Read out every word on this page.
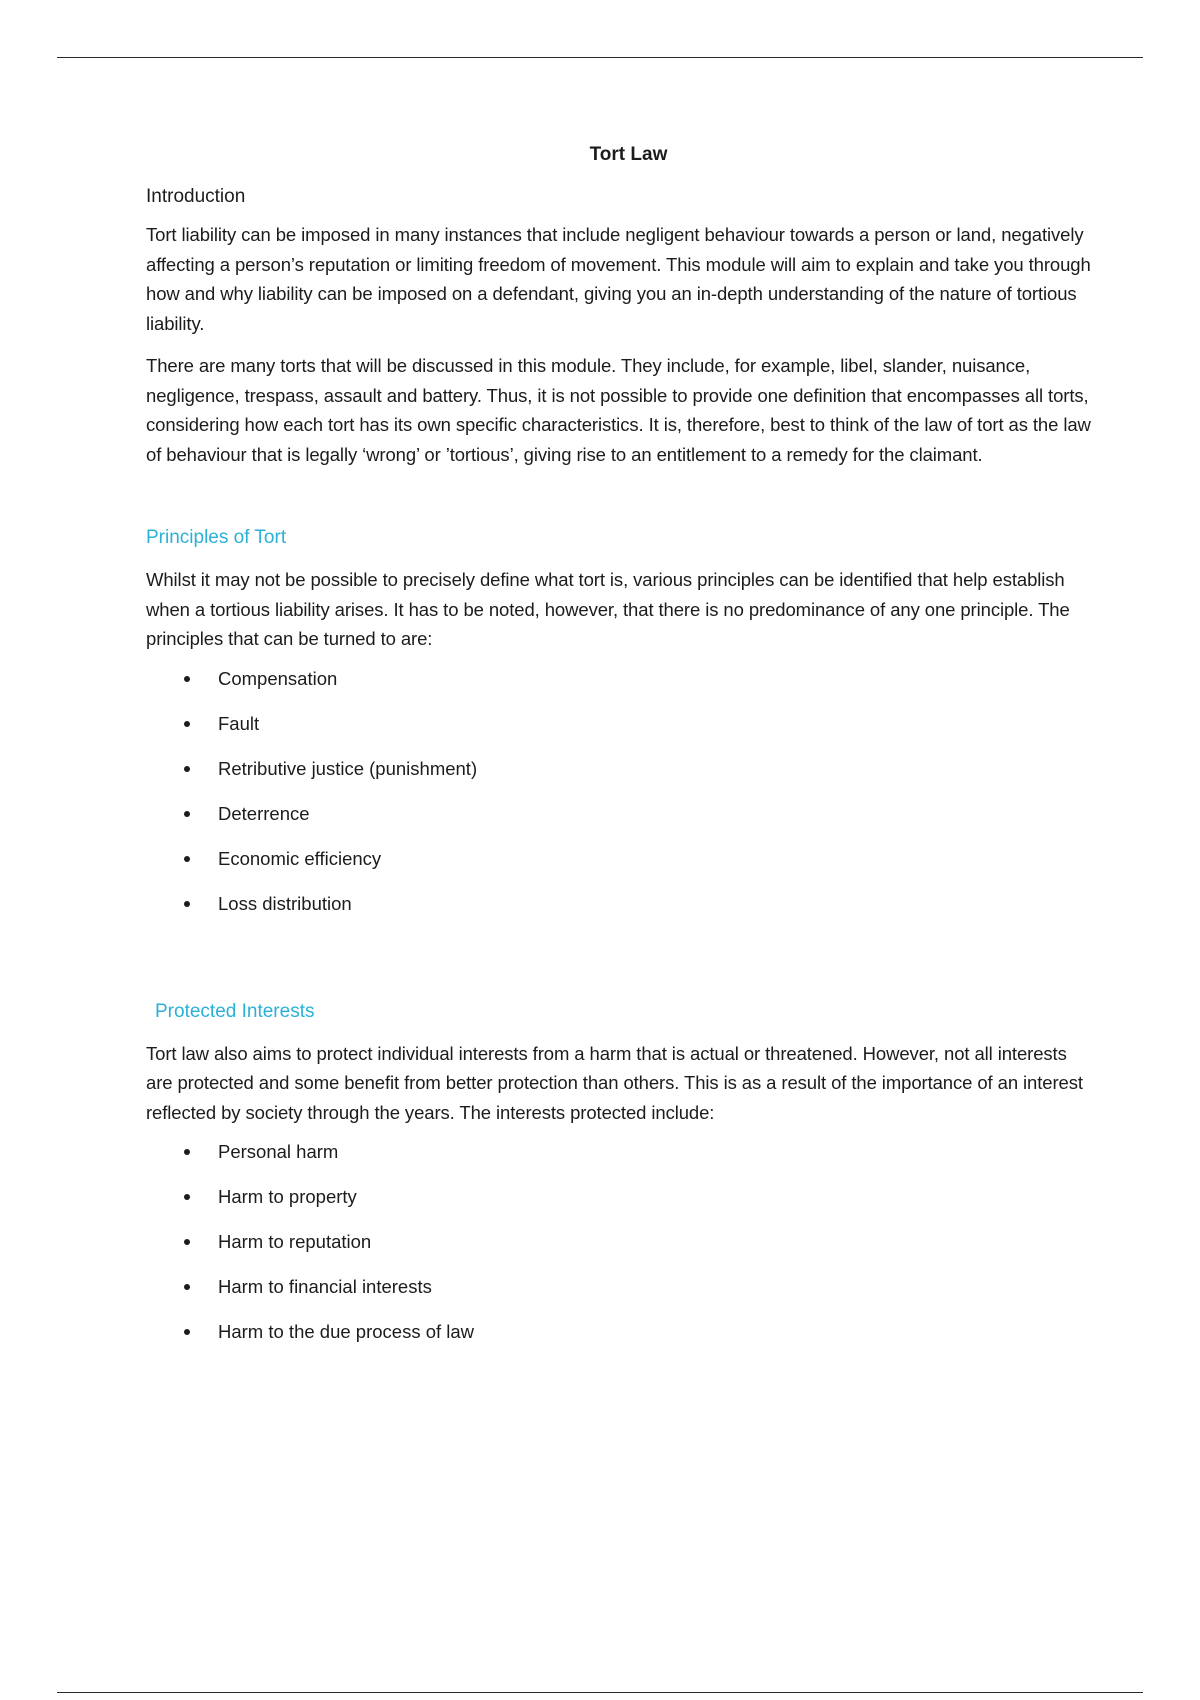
Tort Law
Introduction

Tort liability can be imposed in many instances that include negligent behaviour towards a person or land, negatively affecting a person’s reputation or limiting freedom of movement. This module will aim to explain and take you through how and why liability can be imposed on a defendant, giving you an in-depth understanding of the nature of tortious liability.

There are many torts that will be discussed in this module. They include, for example, libel, slander, nuisance, negligence, trespass, assault and battery. Thus, it is not possible to provide one definition that encompasses all torts, considering how each tort has its own specific characteristics. It is, therefore, best to think of the law of tort as the law of behaviour that is legally ‘wrong’ or ’tortious’, giving rise to an entitlement to a remedy for the claimant.

Principles of Tort

Whilst it may not be possible to precisely define what tort is, various principles can be identified that help establish when a tortious liability arises. It has to be noted, however, that there is no predominance of any one principle. The principles that can be turned to are:

Compensation
Fault
Retributive justice (punishment)
Deterrence
Economic efficiency
Loss distribution
Protected Interests

Tort law also aims to protect individual interests from a harm that is actual or threatened. However, not all interests are protected and some benefit from better protection than others. This is as a result of the importance of an interest reflected by society through the years. The interests protected include:

Personal harm
Harm to property
Harm to reputation
Harm to financial interests
Harm to the due process of law
